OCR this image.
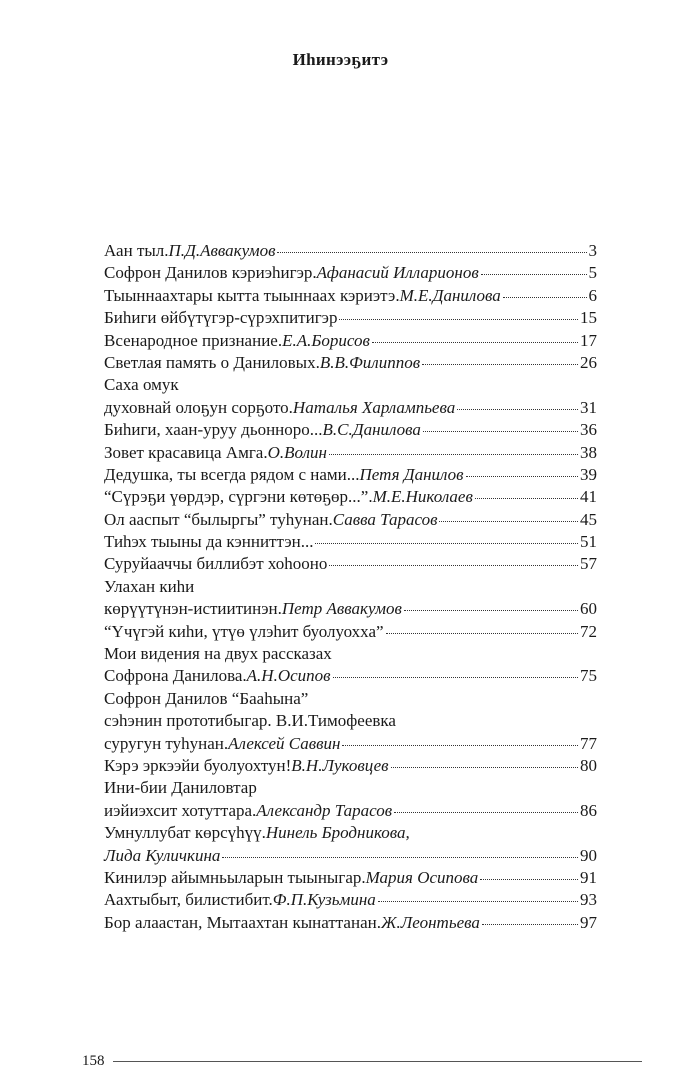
Иһинээҕитэ
Аан тыл. П.Д.Аввакумов	3
Софрон Данилов кэриэһигэр. Афанасий Илларионов	5
Тыыннаахтары кытта тыыннаах кэриэтэ. М.Е.Данилова	6
Биһиги өйбүтүгэр-сүрэхпитигэр	15
Всенародное признание. Е.А.Борисов	17
Светлая память о Даниловых. В.В.Филиппов	26
Саха омук
духовнай олоҕун сорҕото. Наталья Харлампьева	31
Биһиги, хаан-уруу дьонноро... В.С.Данилова	36
Зовет красавица Амга. О.Волин	38
Дедушка, ты всегда рядом с нами... Петя Данилов	39
“Сүрэҕи үөрдэр, сүргэни көтөҕөр...”. М.Е.Николаев	41
Ол ааспыт “былыргы” туһунан. Савва Тарасов	45
Тиһэх тыыны да кэнниттэн...	51
Суруйааччы биллибэт хоһооно	57
Улахан киһи
көрүүтүнэн-истиитинэн. Петр Аввакумов	60
“Үчүгэй киһи, үтүө үлэһит буолуохха”	72
Мои видения на двух рассказах
Софрона Данилова. А.Н.Осипов	75
Софрон Данилов “Бааһына”
сэһэнин прототибыгар. В.И.Тимофеевка
суругун туһунан. Алексей Саввин	77
Кэрэ эркээйи буолуохтун! В.Н.Луковцев	80
Ини-бии Даниловтар
иэйиэхсит хотуттара. Александр Тарасов	86
Умнуллубат көрсүһүү. Нинель Бродникова,
Лида Куличкина	90
Кинилэр айымньыларын тыыныгар. Мария Осипова	91
Аахтыбыт, билистибит. Ф.П.Кузьмина	93
Бор алаастан, Мытаахтан кынаттанан. Ж.Леонтьева	97
158
